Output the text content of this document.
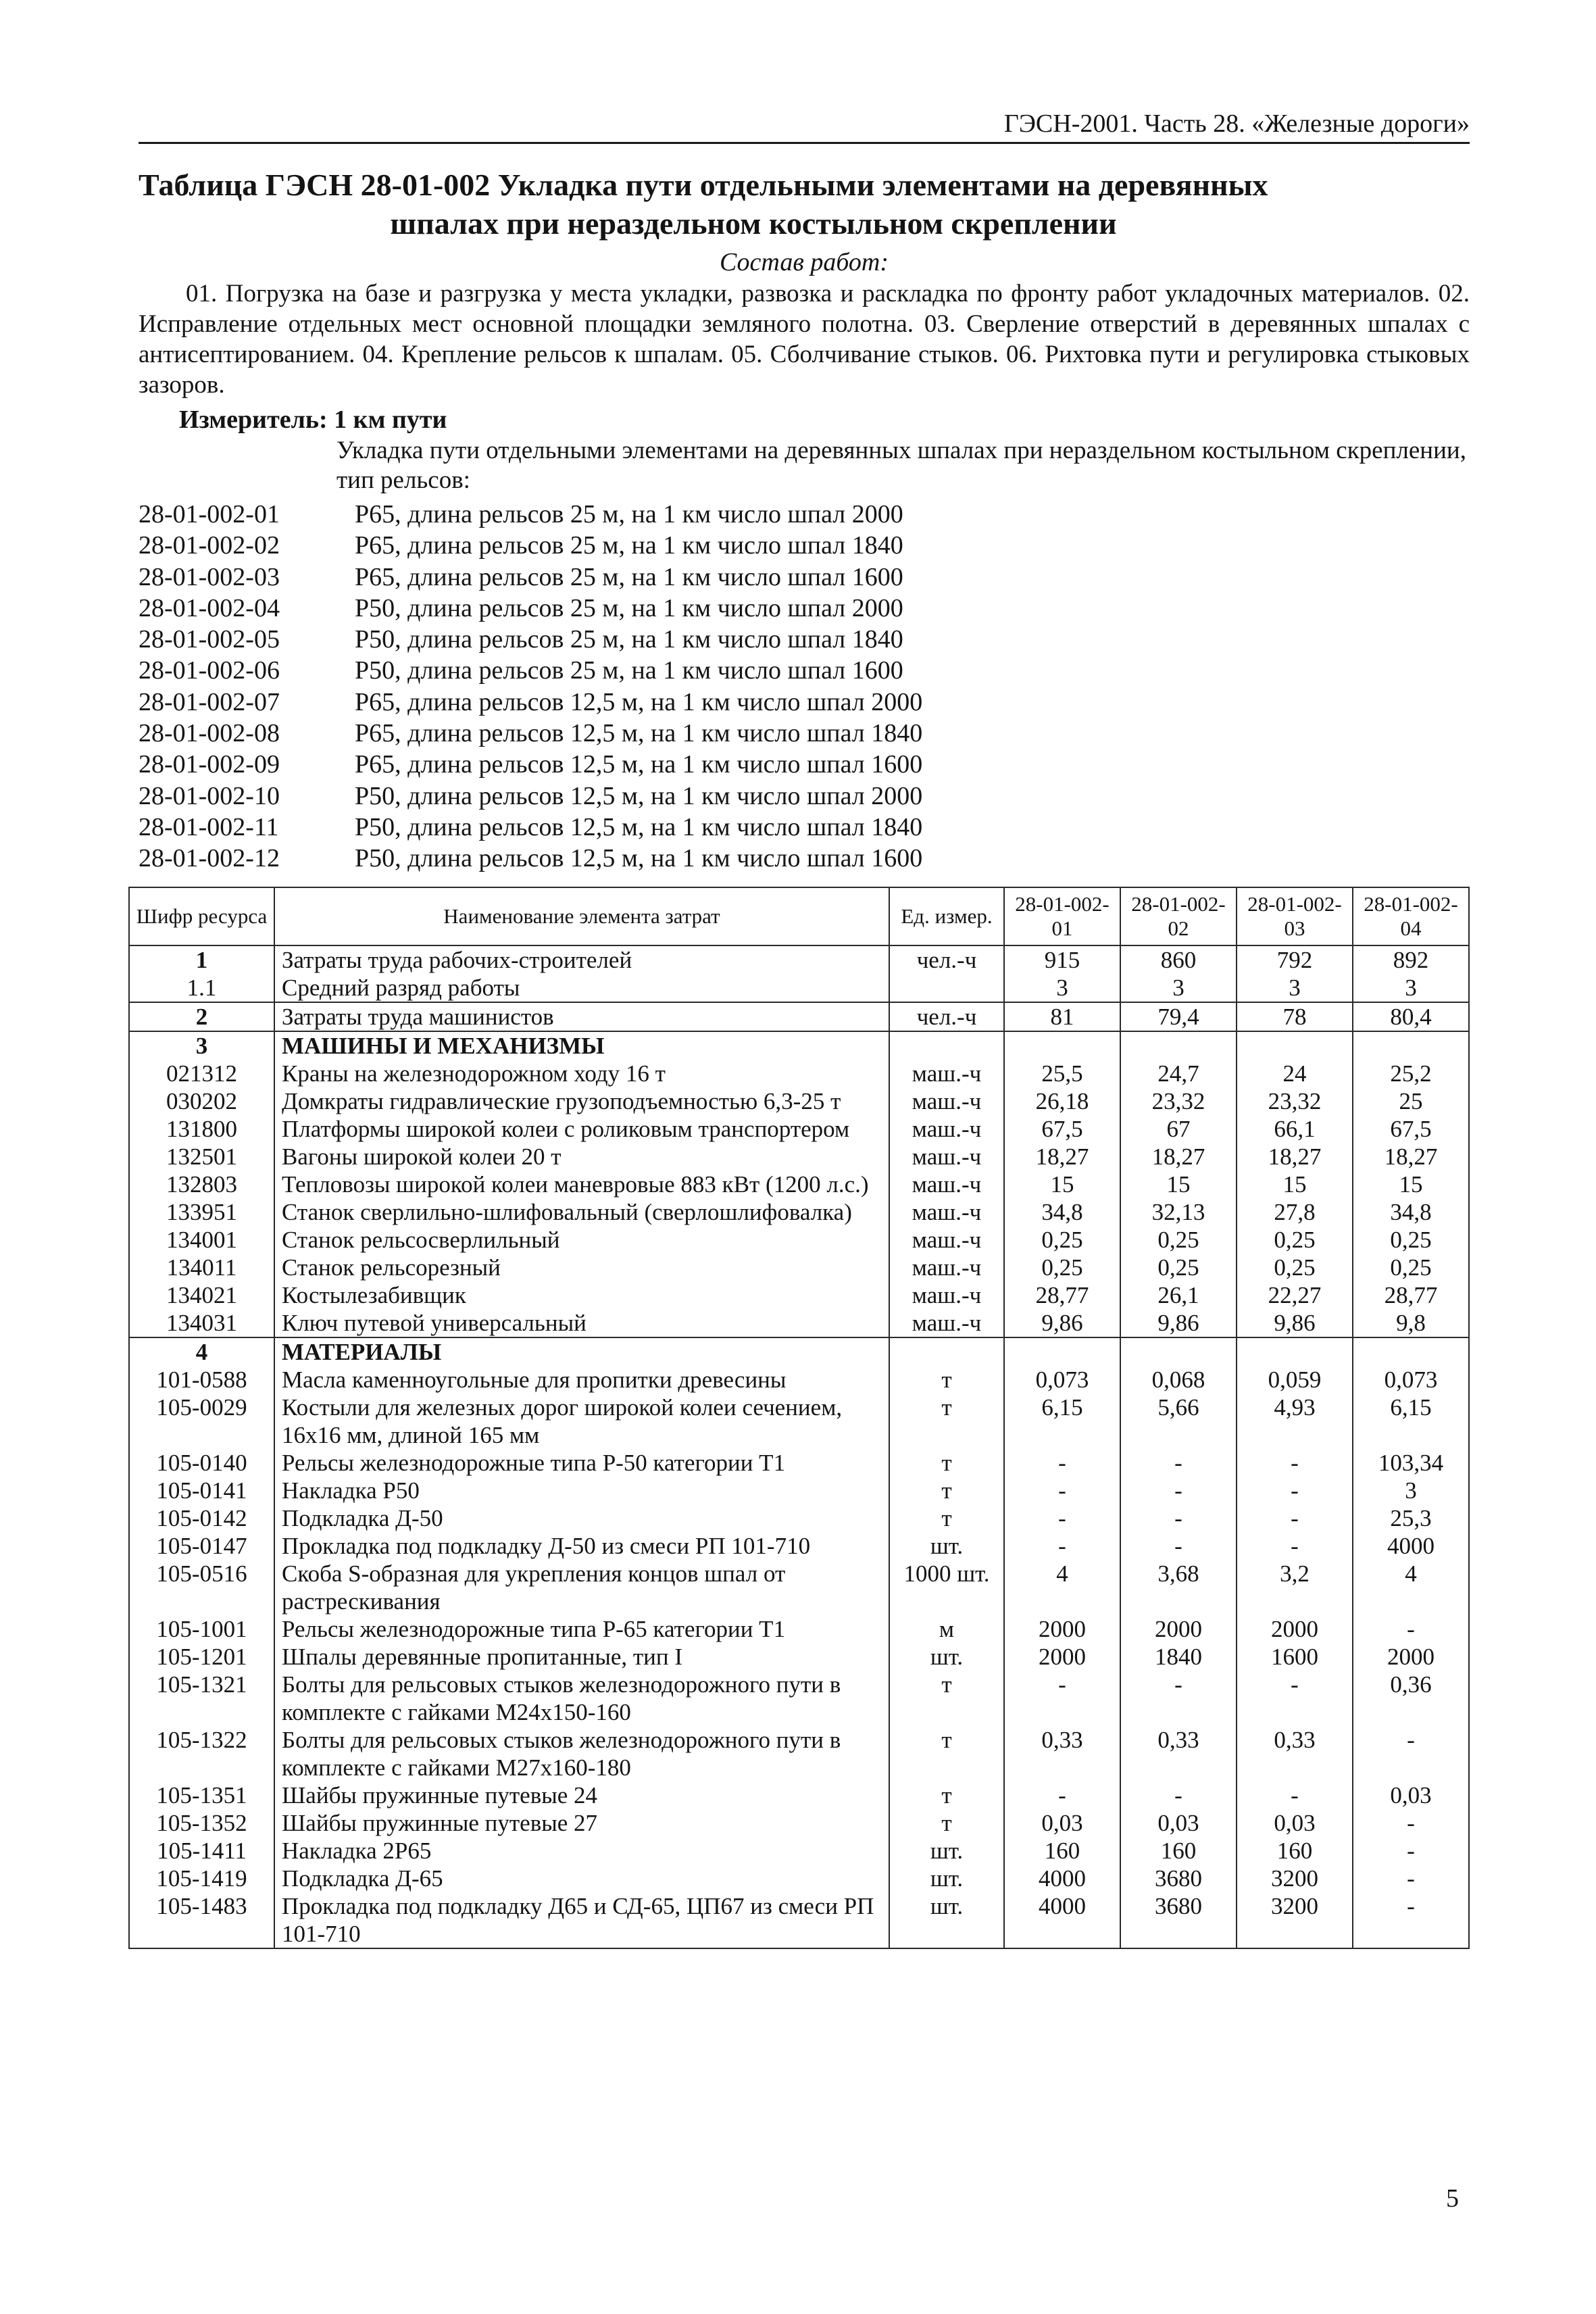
ГЭСН-2001. Часть 28. «Железные дороги»
Таблица ГЭСН 28-01-002 Укладка пути отдельными элементами на деревянных
шпалах при нераздельном костыльном скреплении
Состав работ:
01. Погрузка на базе и разгрузка у места укладки, развозка и раскладка по фронту работ укладочных материалов. 02. Исправление отдельных мест основной площадки земляного полотна. 03. Сверление отверстий в деревянных шпалах с антисептированием. 04. Крепление рельсов к шпалам. 05. Сболчивание стыков. 06. Рихтовка пути и регулировка стыковых зазоров.
Измеритель: 1 км пути
Укладка пути отдельными элементами на деревянных шпалах при нераздельном костыльном скреплении, тип рельсов:
28-01-002-01	Р65, длина рельсов 25 м, на 1 км число шпал 2000
28-01-002-02	Р65, длина рельсов 25 м, на 1 км число шпал 1840
28-01-002-03	Р65, длина рельсов 25 м, на 1 км число шпал 1600
28-01-002-04	Р50, длина рельсов 25 м, на 1 км число шпал 2000
28-01-002-05	Р50, длина рельсов 25 м, на 1 км число шпал 1840
28-01-002-06	Р50, длина рельсов 25 м, на 1 км число шпал 1600
28-01-002-07	Р65, длина рельсов 12,5 м, на 1 км число шпал 2000
28-01-002-08	Р65, длина рельсов 12,5 м, на 1 км число шпал 1840
28-01-002-09	Р65, длина рельсов 12,5 м, на 1 км число шпал 1600
28-01-002-10	Р50, длина рельсов 12,5 м, на 1 км число шпал 2000
28-01-002-11	Р50, длина рельсов 12,5 м, на 1 км число шпал 1840
28-01-002-12	Р50, длина рельсов 12,5 м, на 1 км число шпал 1600
Шифр ресурса	Наименование элемента затрат	Ед. измер.	28-01-002-01	28-01-002-02	28-01-002-03	28-01-002-04
1	Затраты труда рабочих-строителей	чел.-ч	915	860	792	892
1.1	Средний разряд работы		3	3	3	3
2	Затраты труда машинистов	чел.-ч	81	79,4	78	80,4
3	МАШИНЫ И МЕХАНИЗМЫ					
021312	Краны на железнодорожном ходу 16 т	маш.-ч	25,5	24,7	24	25,2
030202	Домкраты гидравлические грузоподъемностью 6,3-25 т	маш.-ч	26,18	23,32	23,32	25
131800	Платформы широкой колеи с роликовым транспортером	маш.-ч	67,5	67	66,1	67,5
132501	Вагоны широкой колеи 20 т	маш.-ч	18,27	18,27	18,27	18,27
132803	Тепловозы широкой колеи маневровые 883 кВт (1200 л.с.)	маш.-ч	15	15	15	15
133951	Станок сверлильно-шлифовальный (сверлошлифовалка)	маш.-ч	34,8	32,13	27,8	34,8
134001	Станок рельсосверлильный	маш.-ч	0,25	0,25	0,25	0,25
134011	Станок рельсорезный	маш.-ч	0,25	0,25	0,25	0,25
134021	Костылезабивщик	маш.-ч	28,77	26,1	22,27	28,77
134031	Ключ путевой универсальный	маш.-ч	9,86	9,86	9,86	9,8
4	МАТЕРИАЛЫ					
101-0588	Масла каменноугольные для пропитки древесины	т	0,073	0,068	0,059	0,073
105-0029	Костыли для железных дорог широкой колеи сечением, 16х16 мм, длиной 165 мм	т	6,15	5,66	4,93	6,15
105-0140	Рельсы железнодорожные типа Р-50 категории Т1	т	-	-	-	103,34
105-0141	Накладка Р50	т	-	-	-	3
105-0142	Подкладка Д-50	т	-	-	-	25,3
105-0147	Прокладка под подкладку Д-50 из смеси РП 101-710	шт.	-	-	-	4000
105-0516	Скоба S-образная для укрепления концов шпал от растрескивания	1000 шт.	4	3,68	3,2	4
105-1001	Рельсы железнодорожные типа Р-65 категории Т1	м	2000	2000	2000	-
105-1201	Шпалы деревянные пропитанные, тип I	шт.	2000	1840	1600	2000
105-1321	Болты для рельсовых стыков железнодорожного пути в комплекте с гайками М24х150-160	т	-	-	-	0,36
105-1322	Болты для рельсовых стыков железнодорожного пути в комплекте с гайками М27х160-180	т	0,33	0,33	0,33	-
105-1351	Шайбы пружинные путевые 24	т	-	-	-	0,03
105-1352	Шайбы пружинные путевые 27	т	0,03	0,03	0,03	-
105-1411	Накладка 2Р65	шт.	160	160	160	-
105-1419	Подкладка Д-65	шт.	4000	3680	3200	-
105-1483	Прокладка под подкладку Д65 и СД-65, ЦП67 из смеси РП 101-710	шт.	4000	3680	3200	-
5
